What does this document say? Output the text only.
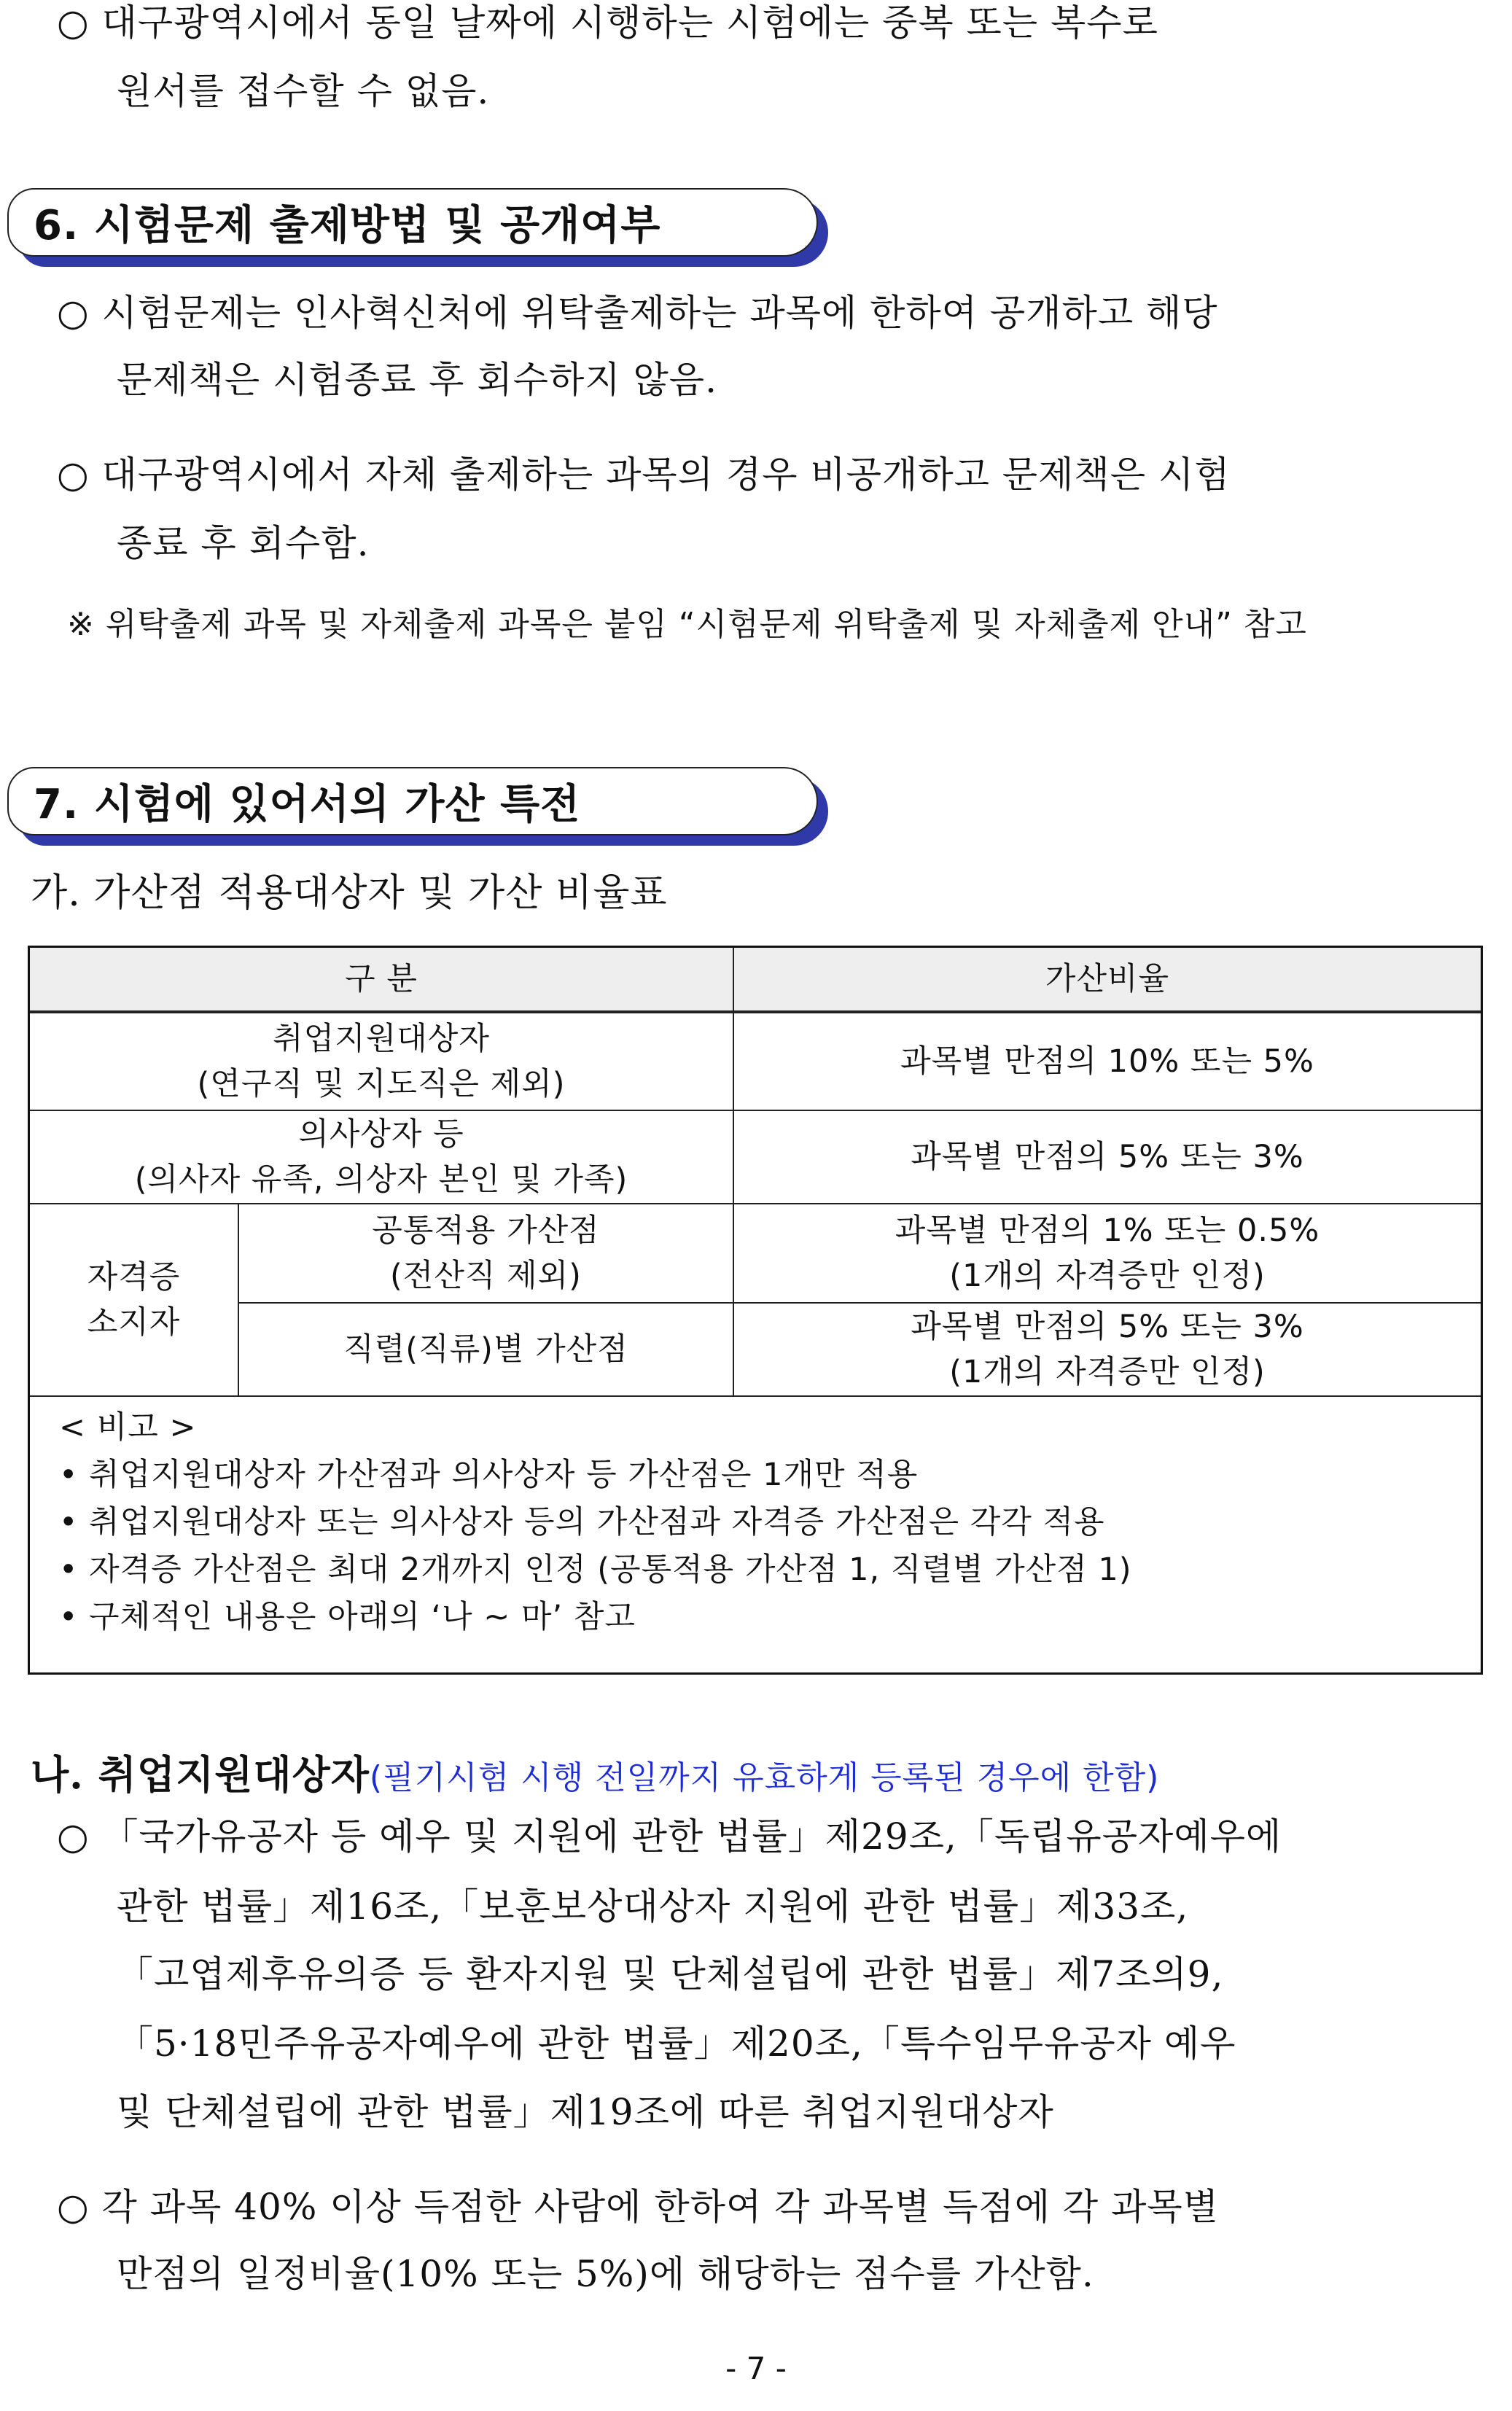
○ 대구광역시에서 동일 날짜에 시행하는 시험에는 중복 또는 복수로
원서를 접수할 수 없음.
6. 시험문제 출제방법 및 공개여부
○ 시험문제는 인사혁신처에 위탁출제하는 과목에 한하여 공개하고 해당
문제책은 시험종료 후 회수하지 않음.
○ 대구광역시에서 자체 출제하는 과목의 경우 비공개하고 문제책은 시험
종료 후 회수함.
※ 위탁출제 과목 및 자체출제 과목은 붙임 “시험문제 위탁출제 및 자체출제 안내” 참고
7. 시험에 있어서의 가산 특전
가. 가산점 적용대상자 및 가산 비율표
구 분	가산비율
취업지원대상자
(연구직 및 지도직은 제외)
과목별 만점의 10% 또는 5%
의사상자 등
(의사자 유족, 의상자 본인 및 가족)
과목별 만점의 5% 또는 3%
자격증
소지자
공통적용 가산점
(전산직 제외)
과목별 만점의 1% 또는 0.5%
(1개의 자격증만 인정)
직렬(직류)별 가산점
과목별 만점의 5% 또는 3%
(1개의 자격증만 인정)
< 비고 >
• 취업지원대상자 가산점과 의사상자 등 가산점은 1개만 적용
• 취업지원대상자 또는 의사상자 등의 가산점과 자격증 가산점은 각각 적용
• 자격증 가산점은 최대 2개까지 인정 (공통적용 가산점 1, 직렬별 가산점 1)
• 구체적인 내용은 아래의 ‘나 ~ 마’ 참고
나. 취업지원대상자(필기시험 시행 전일까지 유효하게 등록된 경우에 한함)
○ 「국가유공자 등 예우 및 지원에 관한 법률」제29조,「독립유공자예우에
관한 법률」제16조,「보훈보상대상자 지원에 관한 법률」제33조,
「고엽제후유의증 등 환자지원 및 단체설립에 관한 법률」제7조의9,
「5·18민주유공자예우에 관한 법률」제20조,「특수임무유공자 예우
및 단체설립에 관한 법률」제19조에 따른 취업지원대상자
○ 각 과목 40% 이상 득점한 사람에 한하여 각 과목별 득점에 각 과목별
만점의 일정비율(10% 또는 5%)에 해당하는 점수를 가산함.
- 7 -
